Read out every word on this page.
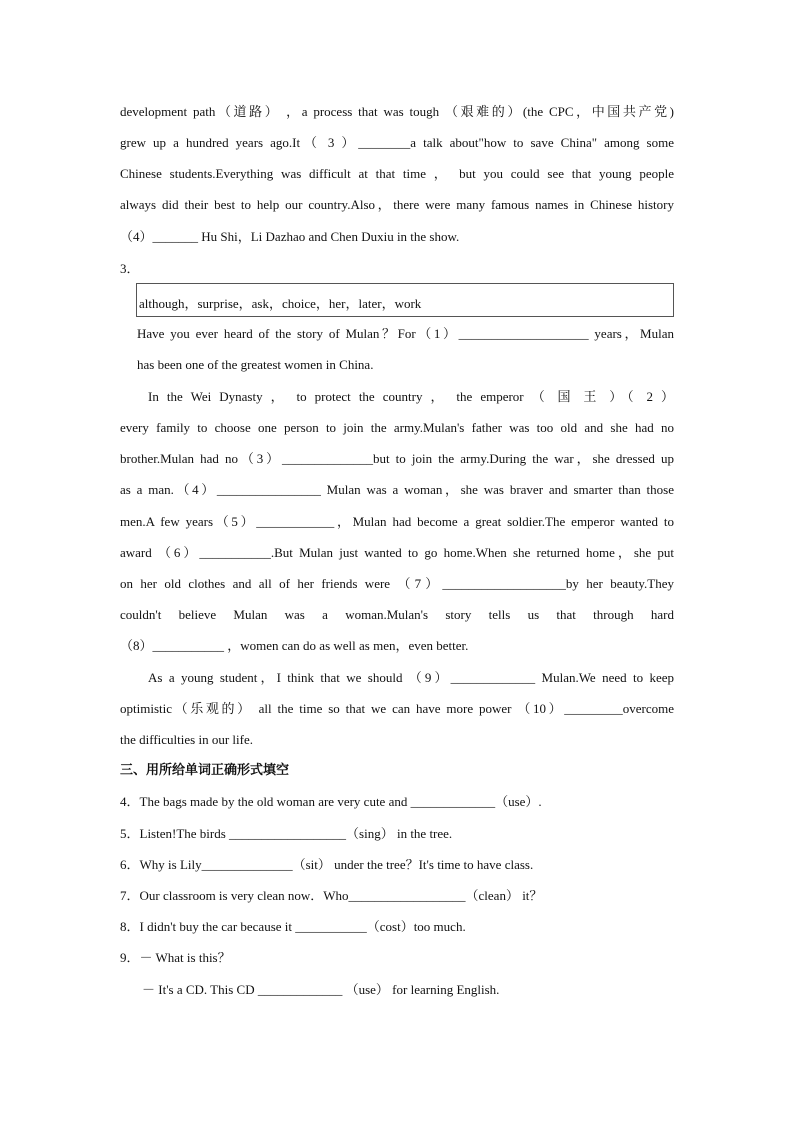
development path（道路） ，a process that was tough （艰难的）(the CPC，中国共产党)
grew up a hundred years ago.It（ 3 ）________a talk about"how to save China" among some
Chinese students.Everything was difficult at that time ， but you could see that young people
always did their best to help our country.Also，there were many famous names in Chinese history
（4）_______ Hu Shi，Li Dazhao and Chen Duxiu in the show.
3．
although，surprise，ask，choice，her，later，work
Have you ever heard of the story of Mulan？For（1）____________________ years，Mulan
has been one of the greatest women in China.
In the Wei Dynasty ， to protect the country ， the emperor （ 国 王 ）（ 2 ）
every family to choose one person to join the army.Mulan's father was too old and she had no
brother.Mulan had no（3）______________but to join the army.During the war，she dressed up
as a man.（4）________________ Mulan was a woman，she was braver and smarter than those
men.A few years（5）____________，Mulan had become a great soldier.The emperor wanted to
award （6）___________.But Mulan just wanted to go home.When she returned home，she put
on her old clothes and all of her friends were （7）___________________by her beauty.They
couldn't believe Mulan was a woman.Mulan's story tells us that through hard
（8）___________ ，women can do as well as men，even better.
As a young student，I think that we should （9）_____________ Mulan.We need to keep
optimistic（乐观的） all the time so that we can have more power （10）_________overcome
the difficulties in our life.
三、用所给单词正确形式填空
4．The bags made by the old woman are very cute and _____________（use）.
5．Listen!The birds __________________（sing） in the tree.
6．Why is Lily______________（sit） under the tree？It's time to have class.
7．Our classroom is very clean now．Who__________________（clean） it？
8．I didn't buy the car because it ___________（cost）too much.
9．－ What is this？
－ It's a CD. This CD _____________ （use） for learning English.
